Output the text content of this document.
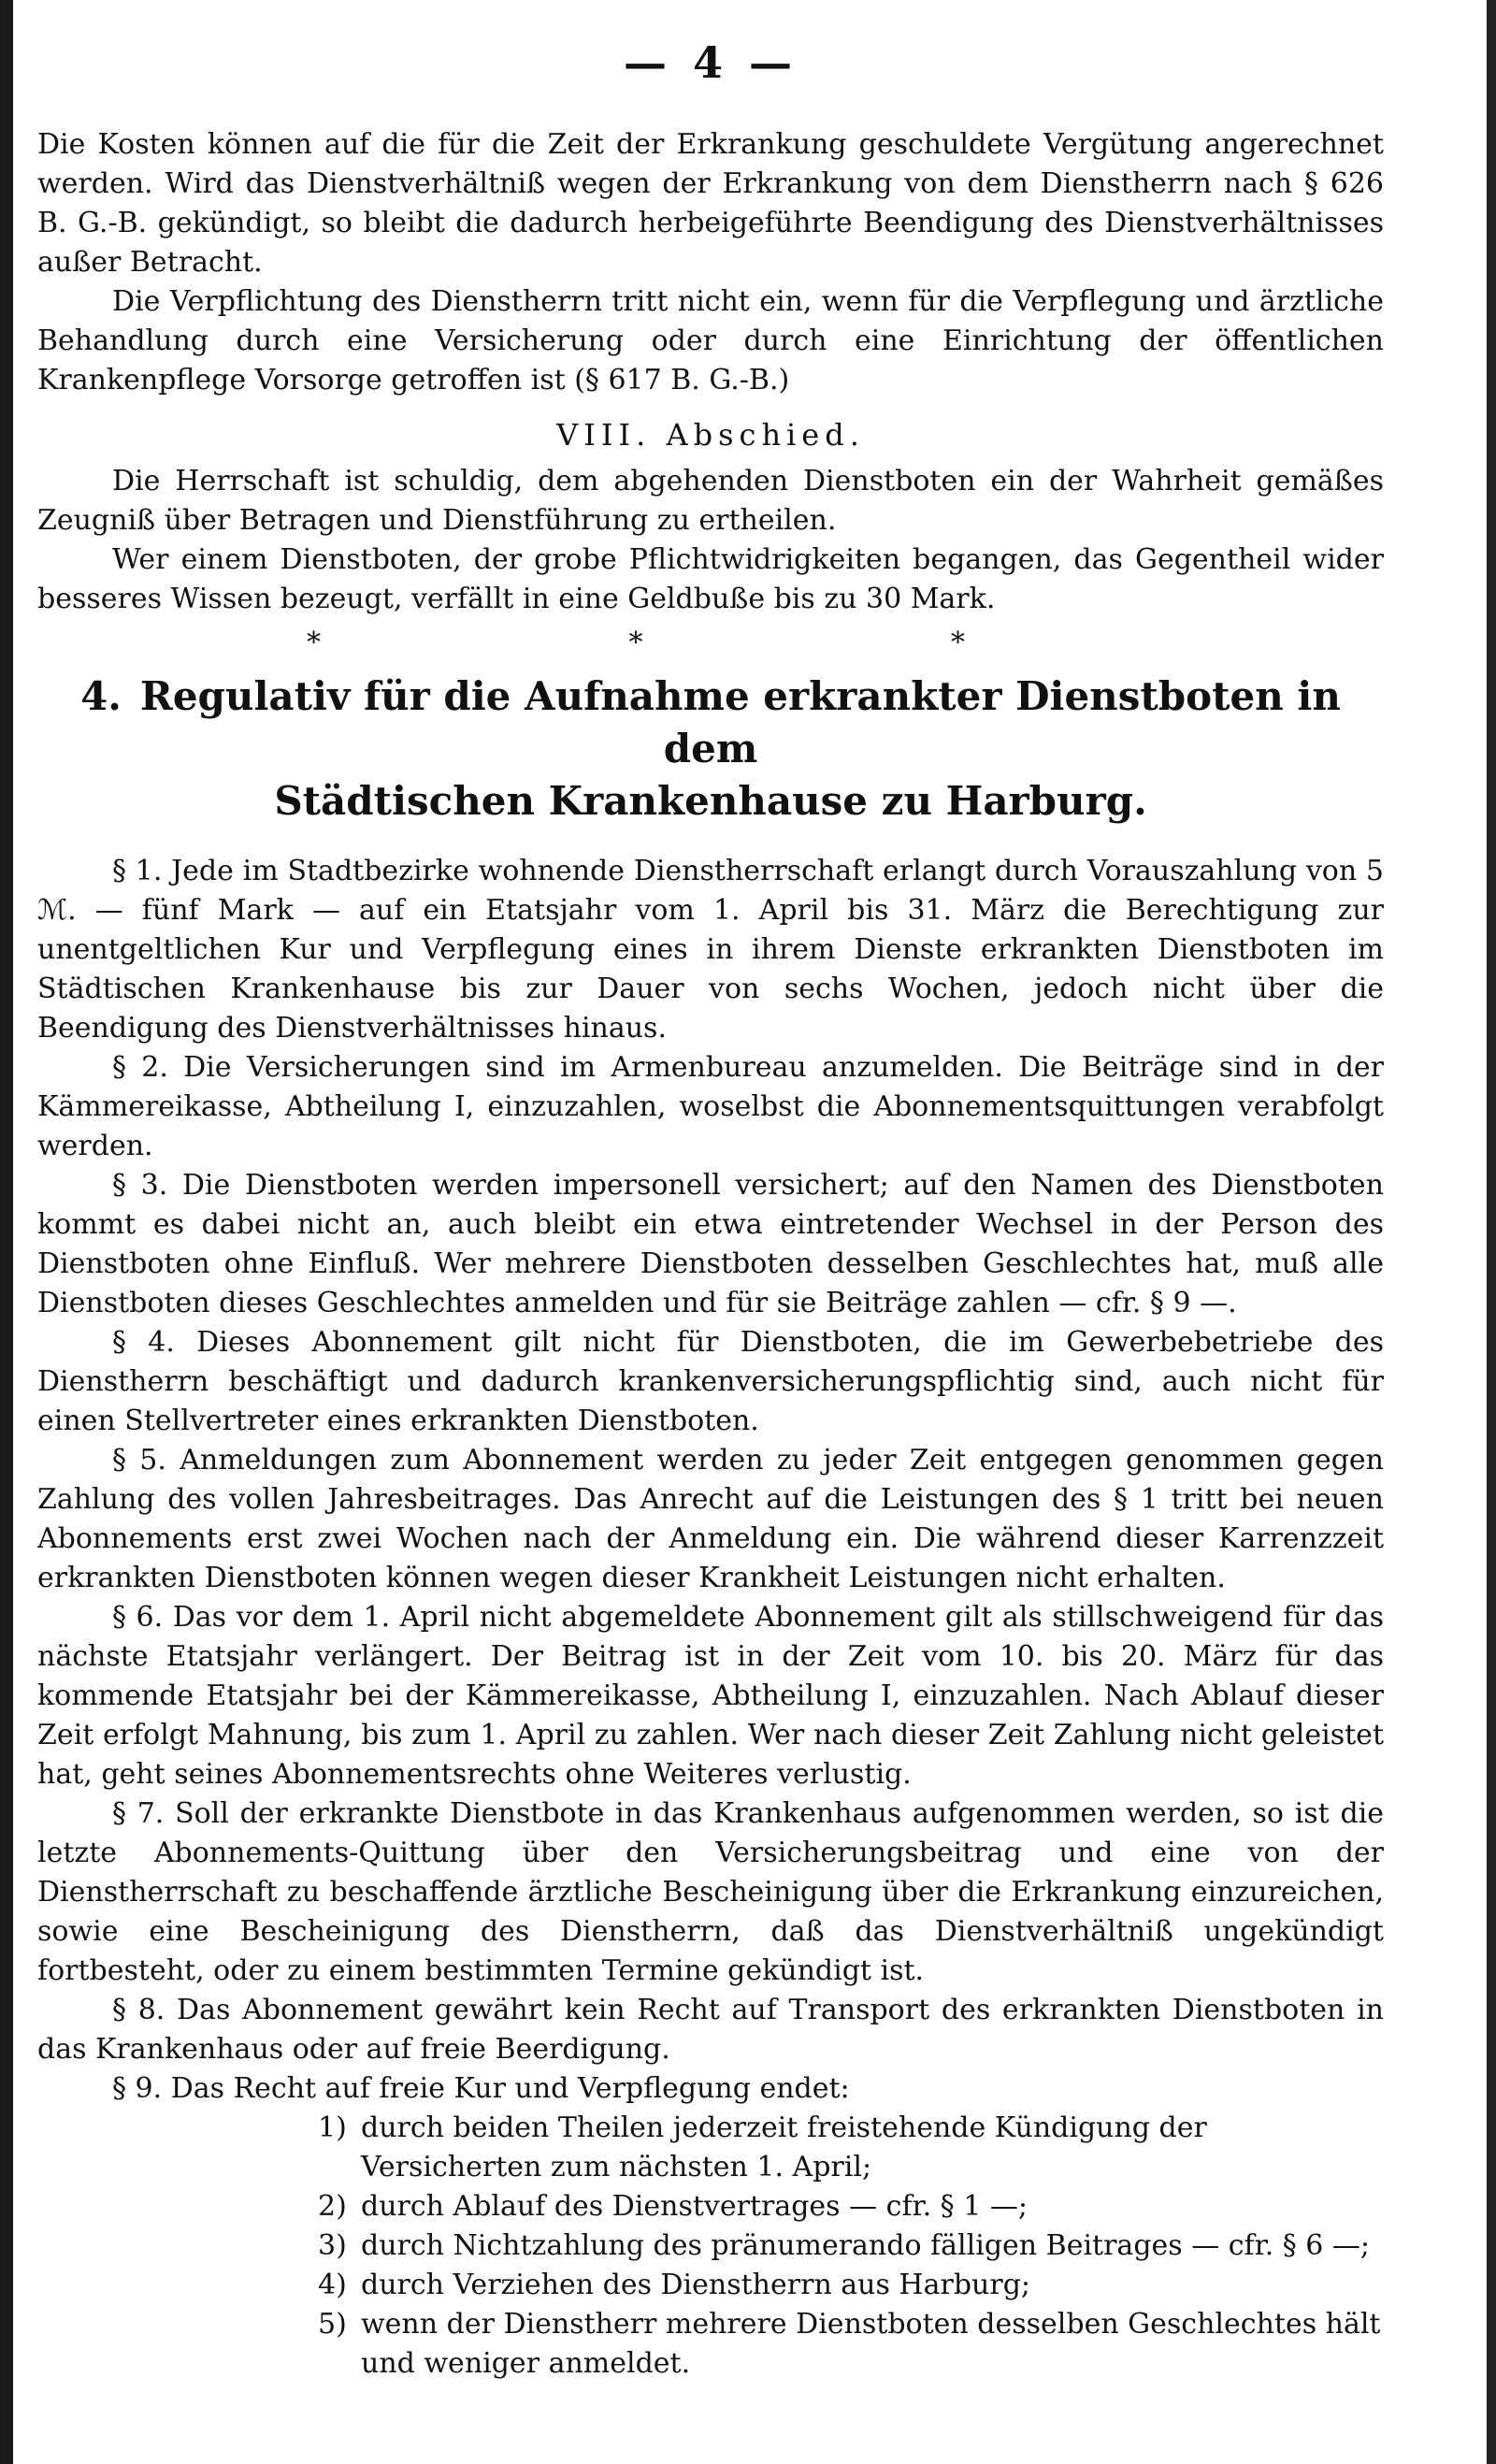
— 4 —

Die Kosten können auf die für die Zeit der Erkrankung geschuldete Vergütung angerechnet werden. Wird das Dienstverhältniß wegen der Erkrankung von dem Dienstherrn nach § 626 B. G.-B. gekündigt, so bleibt die dadurch herbeigeführte Beendigung des Dienstverhältnisses außer Betracht.

Die Verpflichtung des Dienstherrn tritt nicht ein, wenn für die Verpflegung und ärztliche Behandlung durch eine Versicherung oder durch eine Einrichtung der öffentlichen Krankenpflege Vorsorge getroffen ist (§ 617 B. G.-B.)

VIII. Abschied.

Die Herrschaft ist schuldig, dem abgehenden Dienstboten ein der Wahrheit gemäßes Zeugniß über Betragen und Dienstführung zu ertheilen.

Wer einem Dienstboten, der grobe Pflichtwidrigkeiten begangen, das Gegentheil wider besseres Wissen bezeugt, verfällt in eine Geldbuße bis zu 30 Mark.

* * *
4. Regulativ für die Aufnahme erkrankter Dienstboten in dem
Städtischen Krankenhause zu Harburg.

§ 1. Jede im Stadtbezirke wohnende Dienstherrschaft erlangt durch Vorauszahlung von 5 ℳ. — fünf Mark — auf ein Etatsjahr vom 1. April bis 31. März die Berechtigung zur unentgeltlichen Kur und Verpflegung eines in ihrem Dienste erkrankten Dienstboten im Städtischen Krankenhause bis zur Dauer von sechs Wochen, jedoch nicht über die Beendigung des Dienstverhältnisses hinaus.

§ 2. Die Versicherungen sind im Armenbureau anzumelden. Die Beiträge sind in der Kämmereikasse, Abtheilung I, einzuzahlen, woselbst die Abonnementsquittungen verabfolgt werden.

§ 3. Die Dienstboten werden impersonell versichert; auf den Namen des Dienstboten kommt es dabei nicht an, auch bleibt ein etwa eintretender Wechsel in der Person des Dienstboten ohne Einfluß. Wer mehrere Dienstboten desselben Geschlechtes hat, muß alle Dienstboten dieses Geschlechtes anmelden und für sie Beiträge zahlen — cfr. § 9 —.

§ 4. Dieses Abonnement gilt nicht für Dienstboten, die im Gewerbebetriebe des Dienstherrn beschäftigt und dadurch krankenversicherungspflichtig sind, auch nicht für einen Stellvertreter eines erkrankten Dienstboten.

§ 5. Anmeldungen zum Abonnement werden zu jeder Zeit entgegen genommen gegen Zahlung des vollen Jahresbeitrages. Das Anrecht auf die Leistungen des § 1 tritt bei neuen Abonnements erst zwei Wochen nach der Anmeldung ein. Die während dieser Karrenzzeit erkrankten Dienstboten können wegen dieser Krankheit Leistungen nicht erhalten.

§ 6. Das vor dem 1. April nicht abgemeldete Abonnement gilt als stillschweigend für das nächste Etatsjahr verlängert. Der Beitrag ist in der Zeit vom 10. bis 20. März für das kommende Etatsjahr bei der Kämmereikasse, Abtheilung I, einzuzahlen. Nach Ablauf dieser Zeit erfolgt Mahnung, bis zum 1. April zu zahlen. Wer nach dieser Zeit Zahlung nicht geleistet hat, geht seines Abonnementsrechts ohne Weiteres verlustig.

§ 7. Soll der erkrankte Dienstbote in das Krankenhaus aufgenommen werden, so ist die letzte Abonnements-Quittung über den Versicherungsbeitrag und eine von der Dienstherrschaft zu beschaffende ärztliche Bescheinigung über die Erkrankung einzureichen, sowie eine Bescheinigung des Dienstherrn, daß das Dienstverhältniß ungekündigt fortbesteht, oder zu einem bestimmten Termine gekündigt ist.

§ 8. Das Abonnement gewährt kein Recht auf Transport des erkrankten Dienstboten in das Krankenhaus oder auf freie Beerdigung.

§ 9. Das Recht auf freie Kur und Verpflegung endet:

1) durch beiden Theilen jederzeit freistehende Kündigung der Versicherten zum nächsten 1. April;
2) durch Ablauf des Dienstvertrages — cfr. § 1 —;
3) durch Nichtzahlung des pränumerando fälligen Beitrages — cfr. § 6 —;
4) durch Verziehen des Dienstherrn aus Harburg;
5) wenn der Dienstherr mehrere Dienstboten desselben Geschlechtes hält und weniger anmeldet.
